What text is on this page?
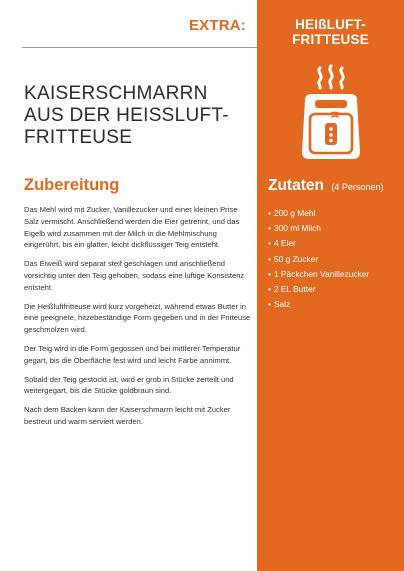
EXTRA:	HEIßLUFT-FRITTEUSE
KAISERSCHMARRN
AUS DER HEISSLUFT-
FRITTEUSE
Zubereitung

Das Mehl wird mit Zucker, Vanillezucker und einer kleinen Prise Salz vermischt. Anschließend werden die Eier getrennt, und das Eigelb wird zusammen mit der Milch in die Mehlmischung eingerührt, bis ein glatter, leicht dickflüssiger Teig entsteht.

Das Eiweiß wird separat steif geschlagen und anschließend vorsichtig unter den Teig gehoben, sodass eine luftige Konsistenz entsteht.

Die Heißluftfritteuse wird kurz vorgeheizt, während etwas Butter in eine geeignete, hitzebeständige Form gegeben und in der Fritteuse geschmolzen wird.

Der Teig wird in die Form gegossen und bei mittlerer Temperatur gegart, bis die Oberfläche fest wird und leicht Farbe annimmt.

Sobald der Teig gestockt ist, wird er grob in Stücke zerteilt und weitergegart, bis die Stücke goldbraun sind.

Nach dem Backen kann der Kaiserschmarrn leicht mit Zucker bestreut und warm serviert werden.

Zutaten (4 Personen)
• 200 g Mehl
• 300 ml Milch
• 4 Eier
• 50 g Zucker
• 1 Päckchen Vanillezucker
• 2 EL Butter
• Salz
